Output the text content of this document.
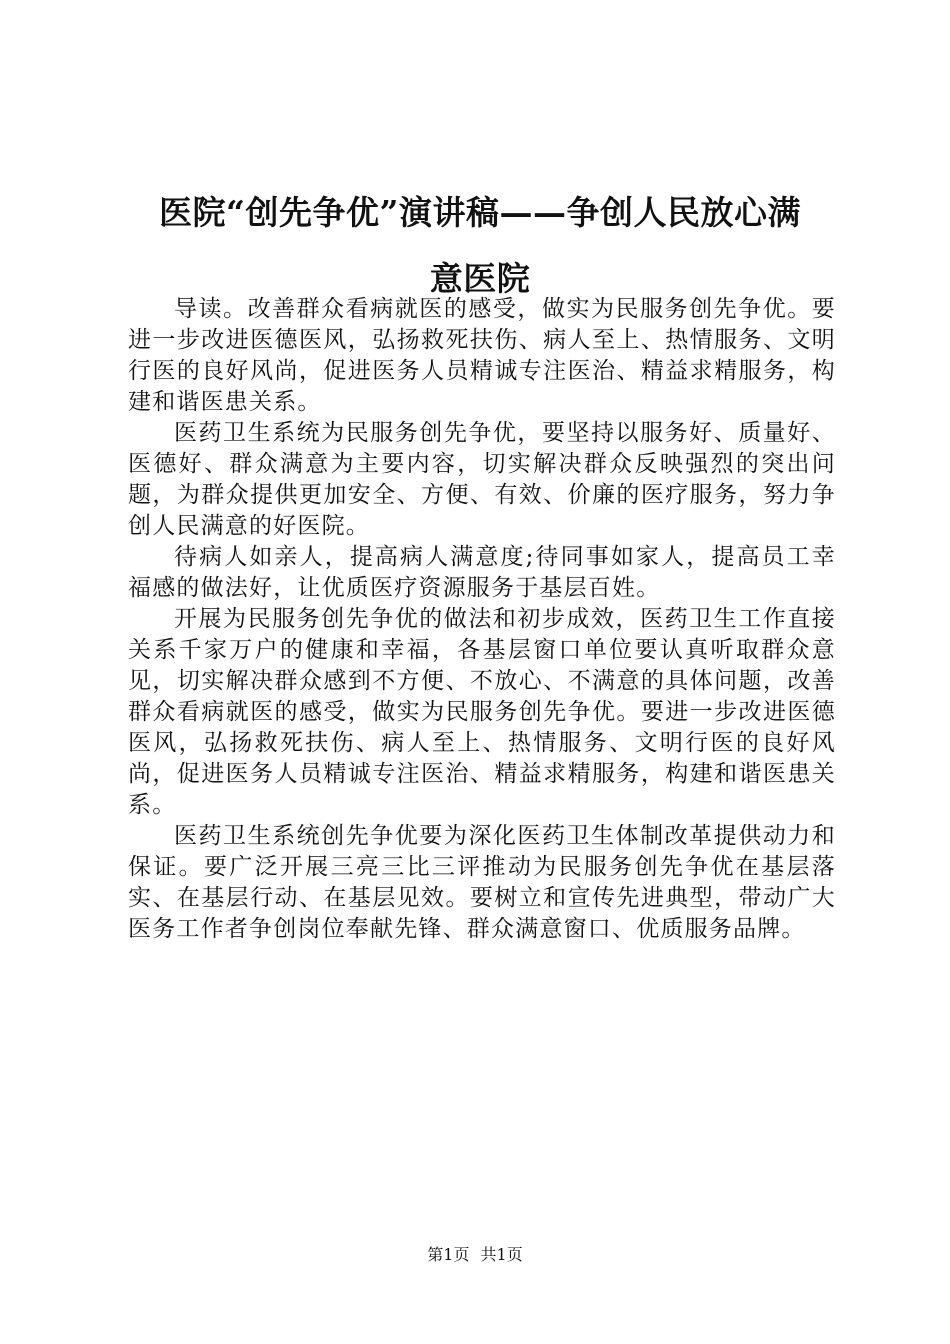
医院“创先争优”演讲稿——争创人民放心满
意医院

导读。改善群众看病就医的感受，做实为民服务创先争优。要进一步改进医德医风，弘扬救死扶伤、病人至上、热情服务、文明行医的良好风尚，促进医务人员精诚专注医治、精益求精服务，构建和谐医患关系。

医药卫生系统为民服务创先争优，要坚持以服务好、质量好、医德好、群众满意为主要内容，切实解决群众反映强烈的突出问题，为群众提供更加安全、方便、有效、价廉的医疗服务，努力争创人民满意的好医院。

待病人如亲人，提高病人满意度;待同事如家人，提高员工幸福感的做法好，让优质医疗资源服务于基层百姓。

开展为民服务创先争优的做法和初步成效，医药卫生工作直接关系千家万户的健康和幸福，各基层窗口单位要认真听取群众意见，切实解决群众感到不方便、不放心、不满意的具体问题，改善群众看病就医的感受，做实为民服务创先争优。要进一步改进医德医风，弘扬救死扶伤、病人至上、热情服务、文明行医的良好风尚，促进医务人员精诚专注医治、精益求精服务，构建和谐医患关系。

医药卫生系统创先争优要为深化医药卫生体制改革提供动力和保证。要广泛开展三亮三比三评推动为民服务创先争优在基层落实、在基层行动、在基层见效。要树立和宣传先进典型，带动广大医务工作者争创岗位奉献先锋、群众满意窗口、优质服务品牌。

第1页 共1页
